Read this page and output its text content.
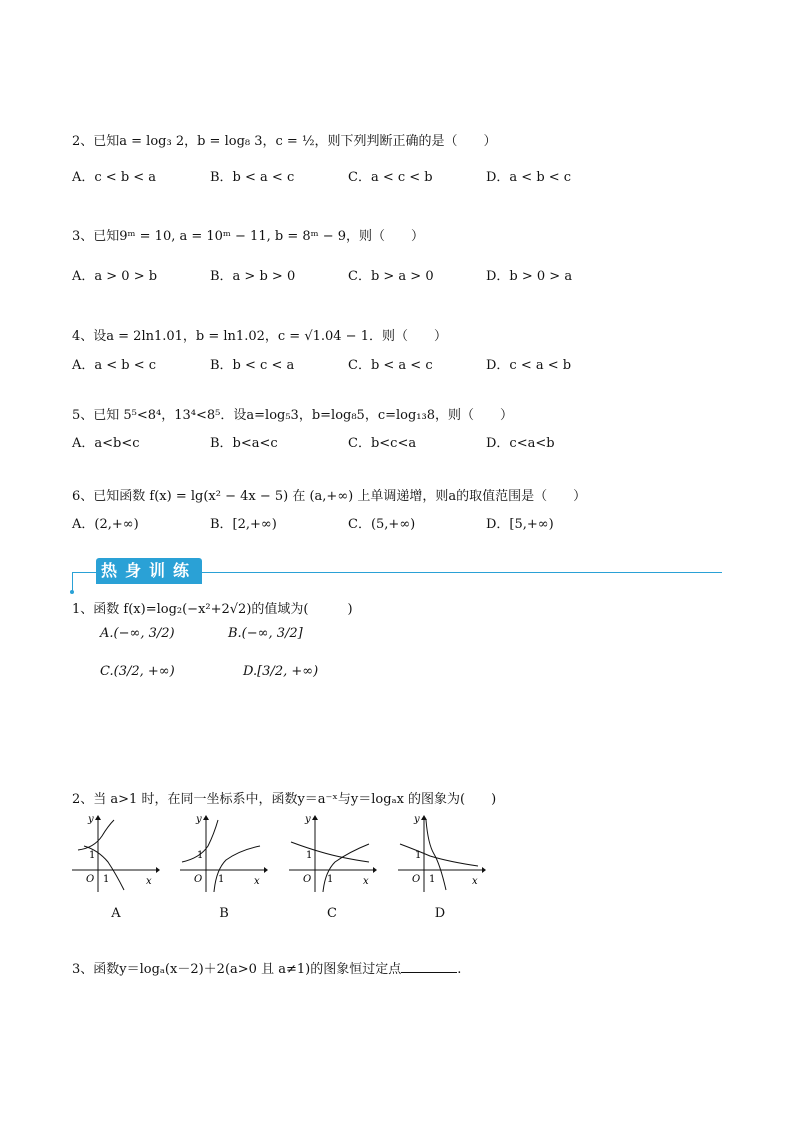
2、已知a = log₃ 2，b = log₈ 3，c = ½，则下列判断正确的是（　　）
A．c < b < a	B．b < a < c	C．a < c < b	D．a < b < c
3、已知9ᵐ = 10, a = 10ᵐ − 11, b = 8ᵐ − 9，则（　　）
A．a > 0 > b	B．a > b > 0	C．b > a > 0	D．b > 0 > a
4、设a = 2ln1.01，b = ln1.02，c = √1.04 − 1．则（　　）
A．a < b < c	B．b < c < a	C．b < a < c	D．c < a < b
5、已知 5⁵<8⁴，13⁴<8⁵．设a=log₅3，b=log₈5，c=log₁₃8，则（　　）
A．a<b<c	B．b<a<c	C．b<c<a	D．c<a<b
6、已知函数 f(x) = lg(x² − 4x − 5) 在 (a,+∞) 上单调递增，则a的取值范围是（　　）
A．(2,+∞)	B．[2,+∞)	C．(5,+∞)	D．[5,+∞)
热身训练
1、函数 f(x)=log₂(−x²+2√2)的值域为(　　　)
A.(−∞, 3/2)	B.(−∞, 3/2]
C.(3/2, +∞)	D.[3/2, +∞)
2、当 a>1 时，在同一坐标系中，函数y＝a⁻ˣ与y＝logₐx 的图象为(　　)
y
x
O
1
1
A
y
x
O
1
1
B
y
x
O
1
1
C
y
x
O
1
1
D
3、函数y＝logₐ(x－2)＋2(a>0 且 a≠1)的图象恒过定点	.
